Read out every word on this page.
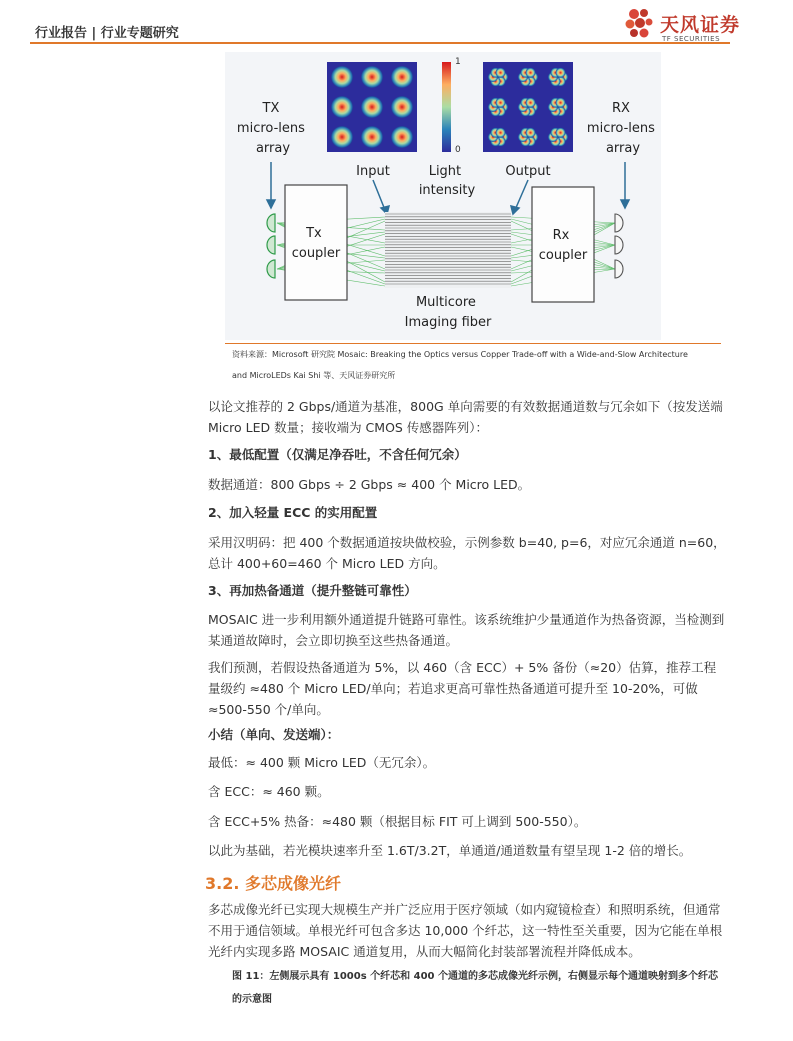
行业报告 | 行业专题研究	天风证券
TF SECURITIES
1
0
TX micro-lens array
RX micro-lens array
Input	Output
Light intensity
Tx coupler
Rx coupler
Multicore Imaging fiber
资料来源：Microsoft 研究院 Mosaic: Breaking the Optics versus Copper Trade-off with a Wide-and-Slow Architecture
and MicroLEDs Kai Shi 等、天风证券研究所
以论文推荐的 2 Gbps/通道为基准，800G 单向需要的有效数据通道数与冗余如下（按发送端 Micro LED 数量；接收端为 CMOS 传感器阵列）：
1、最低配置（仅满足净吞吐，不含任何冗余）
数据通道：800 Gbps ÷ 2 Gbps ≈ 400 个 Micro LED。
2、加入轻量 ECC 的实用配置
采用汉明码：把 400 个数据通道按块做校验，示例参数 b=40, p=6，对应冗余通道 n=60，总计 400+60=460 个 Micro LED 方向。
3、再加热备通道（提升整链可靠性）
MOSAIC 进一步利用额外通道提升链路可靠性。该系统维护少量通道作为热备资源，当检测到某通道故障时，会立即切换至这些热备通道。
我们预测，若假设热备通道为 5%，以 460（含 ECC）+ 5% 备份（≈20）估算，推荐工程量级约 ≈480 个 Micro LED/单向；若追求更高可靠性热备通道可提升至 10-20%，可做≈500-550 个/单向。
小结（单向、发送端）：
最低：≈ 400 颗 Micro LED（无冗余）。
含 ECC：≈ 460 颗。
含 ECC+5% 热备：≈480 颗（根据目标 FIT 可上调到 500-550）。
以此为基础，若光模块速率升至 1.6T/3.2T，单通道/通道数量有望呈现 1-2 倍的增长。
3.2. 多芯成像光纤
多芯成像光纤已实现大规模生产并广泛应用于医疗领域（如内窥镜检查）和照明系统，但通常不用于通信领域。单根光纤可包含多达 10,000 个纤芯，这一特性至关重要，因为它能在单根光纤内实现多路 MOSAIC 通道复用，从而大幅简化封装部署流程并降低成本。
图 11：左侧展示具有 1000s 个纤芯和 400 个通道的多芯成像光纤示例，右侧显示每个通道映射到多个纤芯的示意图
